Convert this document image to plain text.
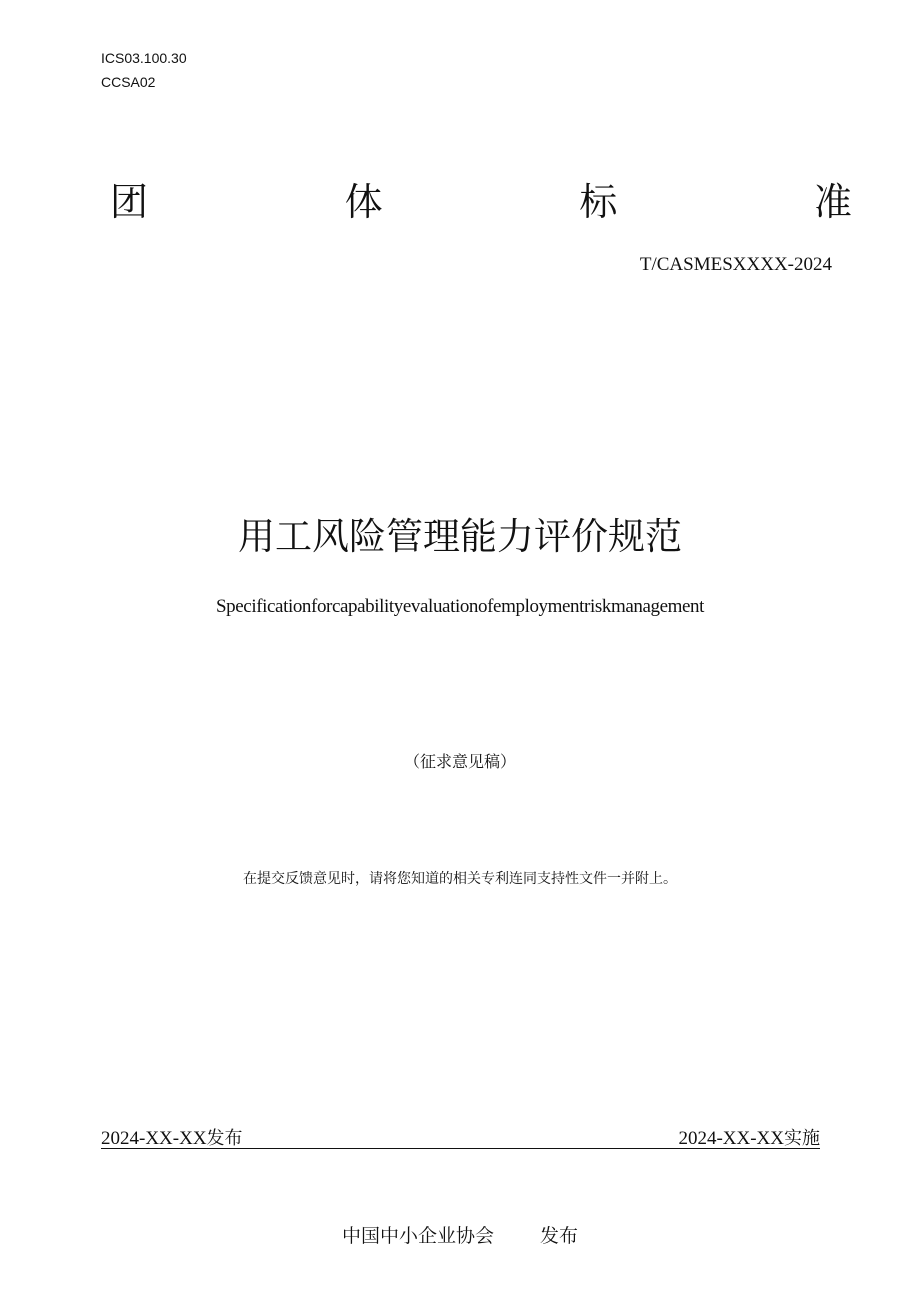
ICS03.100.30
CCSA02
团	体	标	准
T/CASMESXXXX-2024
用工风险管理能力评价规范
Specificationforcapabilityevaluationofemploymentriskmanagement
（征求意见稿）
在提交反馈意见时，请将您知道的相关专利连同支持性文件一并附上。
2024-XX-XX发布	2024-XX-XX实施
中国中小企业协会 发布
